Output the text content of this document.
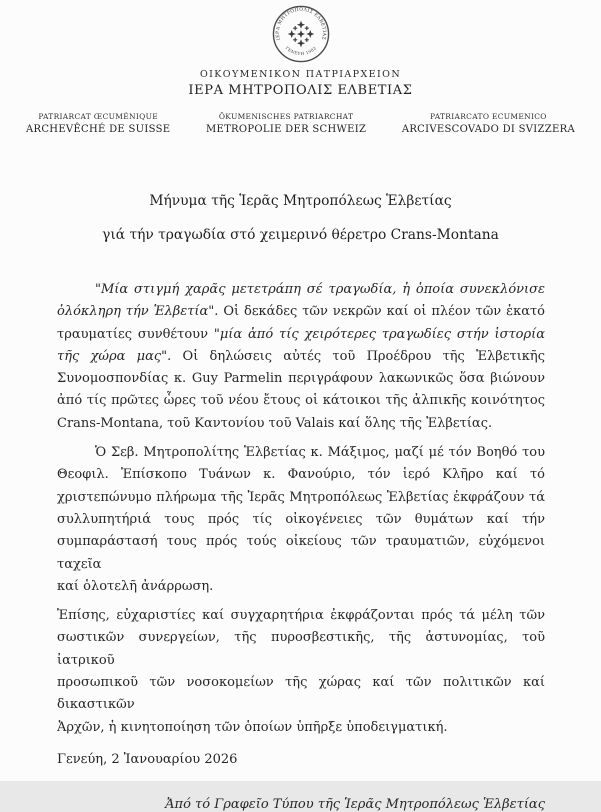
ΙΕΡΑ ΜΗΤΡΟΠΟΛΙΣ ΕΛΒΕΤΙΑΣ
ΓΕΝΕΥΗ 1982
ΟΙΚΟΥΜΕΝΙΚΟΝ ΠΑΤΡΙΑΡΧΕΙΟΝ
ΙΕΡΑ ΜΗΤΡΟΠΟΛΙΣ ΕΛΒΕΤΙΑΣ
PATRIARCAT ŒCUMÉNIQUE
ARCHEVÊCHÉ DE SUISSE
ÖKUMENISCHES PATRIARCHAT
METROPOLIE DER SCHWEIZ
PATRIARCATO ECUMENICO
ARCIVESCOVADO DI SVIZZERA
Μήνυμα τῆς Ἱερᾶς Μητροπόλεως Ἑλβετίας
γιά τήν τραγωδία στό χειμερινό θέρετρο Crans-Montana
"Μία στιγμή χαρᾶς μετετράπη σέ τραγωδία, ἡ ὁποία συνεκλόνισε
ὁλόκληρη τήν Ἑλβετία". Οἱ δεκάδες τῶν νεκρῶν καί οἱ πλέον τῶν ἑκατό
τραυματίες συνθέτουν "μία ἀπό τίς χειρότερες τραγωδίες στήν ἱστορία
τῆς χώρα μας". Οἱ δηλώσεις αὐτές τοῦ Προέδρου τῆς Ἑλβετικῆς
Συνομοσπονδίας κ. Guy Parmelin περιγράφουν λακωνικῶς ὅσα βιώνουν
ἀπό τίς πρῶτες ὧρες τοῦ νέου ἔτους οἱ κάτοικοι τῆς ἀλπικῆς κοινότητος
Crans-Montana, τοῦ Καντονίου τοῦ Valais καί ὅλης τῆς Ἑλβετίας.
Ὁ Σεβ. Μητροπολίτης Ἑλβετίας κ. Μάξιμος, μαζί μέ τόν Βοηθό του
Θεοφιλ. Ἐπίσκοπο Τυάνων κ. Φανούριο, τόν ἱερό Κλῆρο καί τό
χριστεπώνυμο πλήρωμα τῆς Ἱερᾶς Μητροπόλεως Ἑλβετίας ἐκφράζουν τά
συλλυπητήριά τους πρός τίς οἰκογένειες τῶν θυμάτων καί τήν
συμπαράστασή τους πρός τούς οἰκείους τῶν τραυματιῶν, εὐχόμενοι ταχεῖα
καί ὁλοτελῆ ἀνάρρωση.
Ἐπίσης, εὐχαριστίες καί συγχαρητήρια ἐκφράζονται πρός τά μέλη τῶν
σωστικῶν συνεργείων, τῆς πυροσβεστικῆς, τῆς ἀστυνομίας, τοῦ ἰατρικοῦ
προσωπικοῦ τῶν νοσοκομείων τῆς χώρας καί τῶν πολιτικῶν καί δικαστικῶν
Ἀρχῶν, ἡ κινητοποίηση τῶν ὁποίων ὑπῆρξε ὑποδειγματική.
Γενεύη, 2 Ἰανουαρίου 2026
Ἀπό τό Γραφεῖο Τύπου τῆς Ἱερᾶς Μητροπόλεως Ἑλβετίας
